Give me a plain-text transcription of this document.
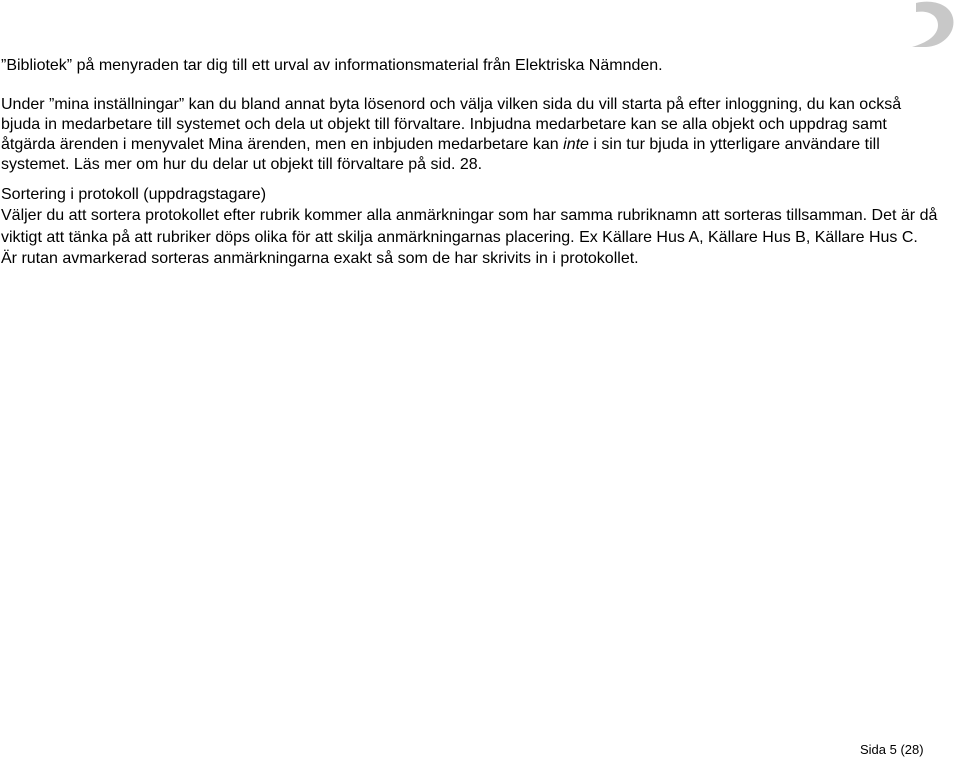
”Bibliotek” på menyraden tar dig till ett urval av informationsmaterial från Elektriska Nämnden.

Under ”mina inställningar” kan du bland annat byta lösenord och välja vilken sida du vill starta på efter inloggning, du kan också bjuda in medarbetare till systemet och dela ut objekt till förvaltare. Inbjudna medarbetare kan se alla objekt och uppdrag samt åtgärda ärenden i menyvalet Mina ärenden, men en inbjuden medarbetare kan inte i sin tur bjuda in ytterligare användare till systemet. Läs mer om hur du delar ut objekt till förvaltare på sid. 28.

Sortering i protokoll (uppdragstagare)

Väljer du att sortera protokollet efter rubrik kommer alla anmärkningar som har samma rubriknamn att sorteras tillsamman. Det är då viktigt att tänka på att rubriker döps olika för att skilja anmärkningarnas placering. Ex Källare Hus A, Källare Hus B, Källare Hus C.

Är rutan avmarkerad sorteras anmärkningarna exakt så som de har skrivits in i protokollet.

Sida 5 (28)
